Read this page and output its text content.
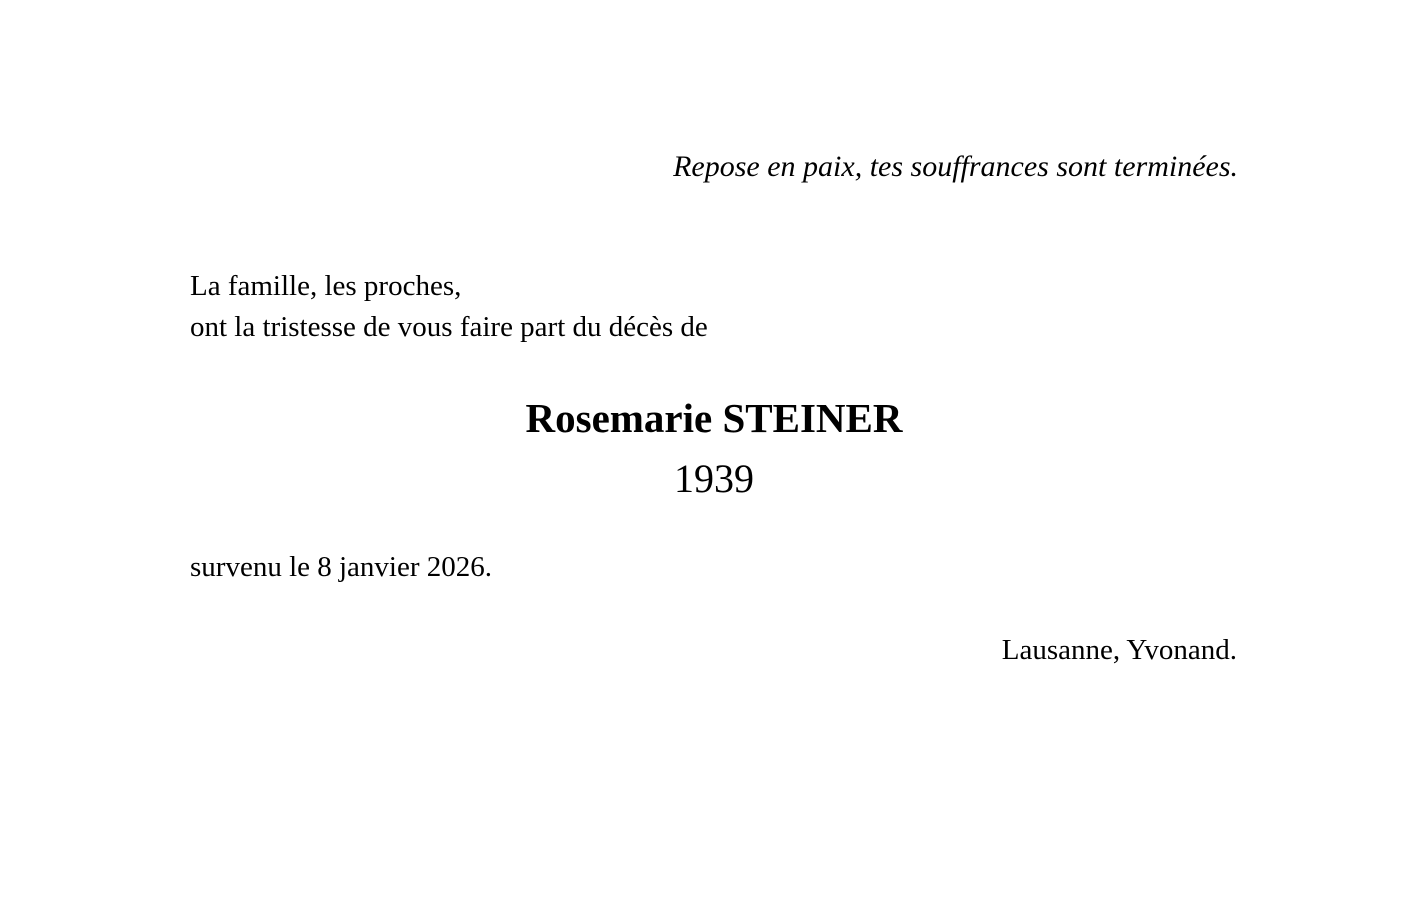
Repose en paix, tes souffrances sont terminées.
La famille, les proches,
ont la tristesse de vous faire part du décès de
Rosemarie STEINER
1939
survenu le 8 janvier 2026.
Lausanne, Yvonand.
